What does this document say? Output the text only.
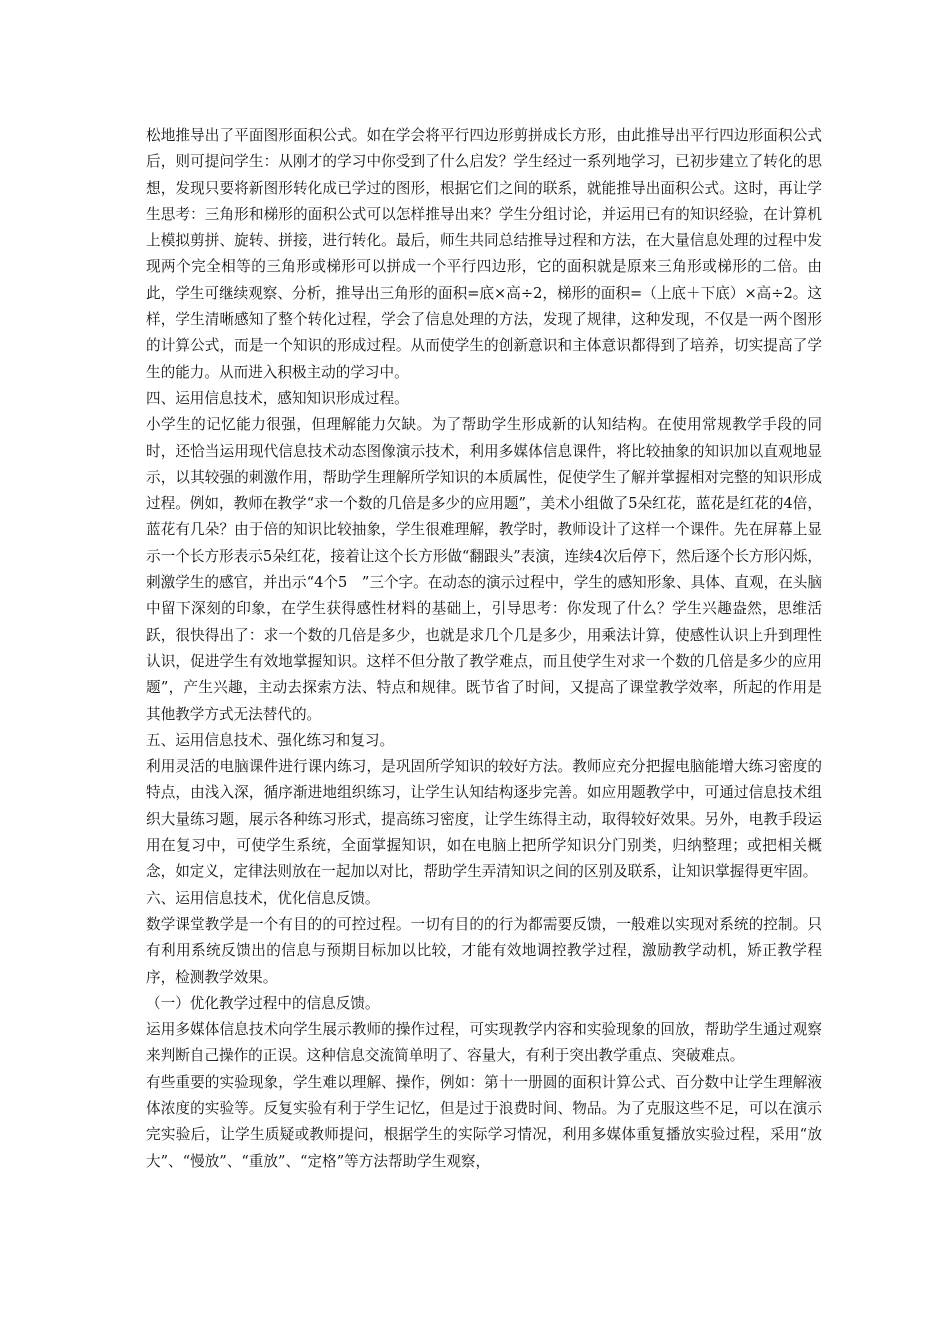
松地推导出了平面图形面积公式。如在学会将平行四边形剪拼成长方形，由此推导出平行四边形面积公式后，则可提问学生：从刚才的学习中你受到了什么启发？学生经过一系列地学习，已初步建立了转化的思想，发现只要将新图形转化成已学过的图形，根据它们之间的联系，就能推导出面积公式。这时，再让学生思考：三角形和梯形的面积公式可以怎样推导出来？学生分组讨论，并运用已有的知识经验，在计算机上模拟剪拼、旋转、拼接，进行转化。最后，师生共同总结推导过程和方法，在大量信息处理的过程中发现两个完全相等的三角形或梯形可以拼成一个平行四边形，它的面积就是原来三角形或梯形的二倍。由此，学生可继续观察、分析，推导出三角形的面积=底×高÷2，梯形的面积=（上底＋下底）×高÷2。这样，学生清晰感知了整个转化过程，学会了信息处理的方法，发现了规律，这种发现，不仅是一两个图形的计算公式，而是一个知识的形成过程。从而使学生的创新意识和主体意识都得到了培养，切实提高了学生的能力。从而进入积极主动的学习中。

四、运用信息技术，感知知识形成过程。

小学生的记忆能力很强，但理解能力欠缺。为了帮助学生形成新的认知结构。在使用常规教学手段的同时，还恰当运用现代信息技术动态图像演示技术，利用多媒体信息课件，将比较抽象的知识加以直观地显示，以其较强的刺激作用，帮助学生理解所学知识的本质属性，促使学生了解并掌握相对完整的知识形成过程。例如，教师在教学“求一个数的几倍是多少的应用题”，美术小组做了5朵红花，蓝花是红花的4倍，蓝花有几朵？由于倍的知识比较抽象，学生很难理解，教学时，教师设计了这样一个课件。先在屏幕上显示一个长方形表示5朵红花，接着让这个长方形做“翻跟头”表演，连续4次后停下，然后逐个长方形闪烁，刺激学生的感官，并出示“4个5　”三个字。在动态的演示过程中，学生的感知形象、具体、直观，在头脑中留下深刻的印象，在学生获得感性材料的基础上，引导思考：你发现了什么？学生兴趣盎然，思维活跃，很快得出了：求一个数的几倍是多少，也就是求几个几是多少，用乘法计算，使感性认识上升到理性认识，促进学生有效地掌握知识。这样不但分散了教学难点，而且使学生对求一个数的几倍是多少的应用题”，产生兴趣，主动去探索方法、特点和规律。既节省了时间，又提高了课堂教学效率，所起的作用是其他教学方式无法替代的。

五、运用信息技术、强化练习和复习。

利用灵活的电脑课件进行课内练习，是巩固所学知识的较好方法。教师应充分把握电脑能增大练习密度的特点，由浅入深，循序渐进地组织练习，让学生认知结构逐步完善。如应用题教学中，可通过信息技术组织大量练习题，展示各种练习形式，提高练习密度，让学生练得主动，取得较好效果。另外，电教手段运用在复习中，可使学生系统，全面掌握知识，如在电脑上把所学知识分门别类，归纳整理；或把相关概念，如定义，定律法则放在一起加以对比，帮助学生弄清知识之间的区别及联系，让知识掌握得更牢固。

六、运用信息技术，优化信息反馈。

数学课堂教学是一个有目的的可控过程。一切有目的的行为都需要反馈，一般难以实现对系统的控制。只有利用系统反馈出的信息与预期目标加以比较，才能有效地调控教学过程，激励教学动机，矫正教学程序，检测教学效果。

（一）优化教学过程中的信息反馈。

运用多媒体信息技术向学生展示教师的操作过程，可实现教学内容和实验现象的回放，帮助学生通过观察来判断自己操作的正误。这种信息交流简单明了、容量大，有利于突出教学重点、突破难点。

有些重要的实验现象，学生难以理解、操作，例如：第十一册圆的面积计算公式、百分数中让学生理解液体浓度的实验等。反复实验有利于学生记忆，但是过于浪费时间、物品。为了克服这些不足，可以在演示完实验后，让学生质疑或教师提问，根据学生的实际学习情况，利用多媒体重复播放实验过程，采用“放大”、“慢放”、“重放”、“定格”等方法帮助学生观察，
